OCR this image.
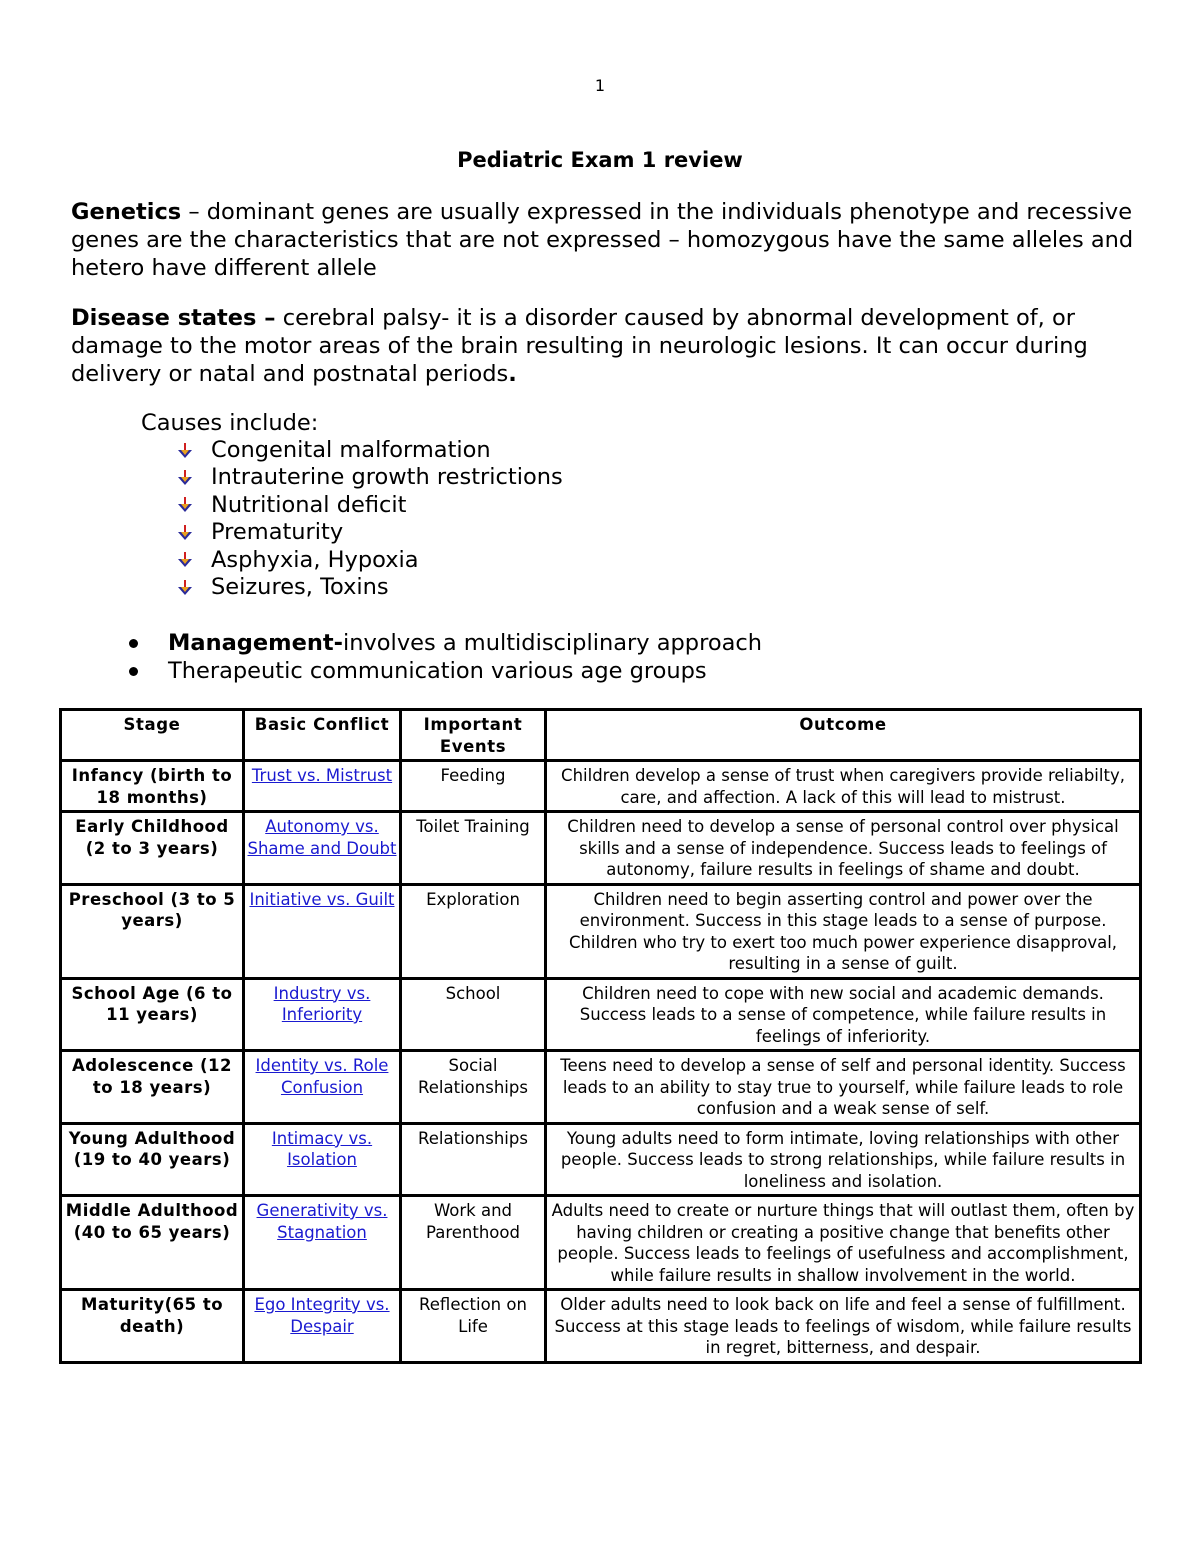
1
Pediatric Exam 1 review
Genetics – dominant genes are usually expressed in the individuals phenotype and recessive genes are the characteristics that are not expressed – homozygous have the same alleles and hetero have different allele
Disease states – cerebral palsy- it is a disorder caused by abnormal development of, or damage to the motor areas of the brain resulting in neurologic lesions. It can occur during delivery or natal and postnatal periods.
Causes include:
Congenital malformation
Intrauterine growth restrictions
Nutritional deficit
Prematurity
Asphyxia, Hypoxia
Seizures, Toxins
Management- involves a multidisciplinary approach
Therapeutic communication various age groups
Stage	Basic Conflict	Important Events	Outcome
Infancy (birth to 18 months)	Trust vs. Mistrust	Feeding	Children develop a sense of trust when caregivers provide reliabilty, care, and affection. A lack of this will lead to mistrust.
Early Childhood (2 to 3 years)	Autonomy vs. Shame and Doubt	Toilet Training	Children need to develop a sense of personal control over physical skills and a sense of independence. Success leads to feelings of autonomy, failure results in feelings of shame and doubt.
Preschool (3 to 5 years)	Initiative vs. Guilt	Exploration	Children need to begin asserting control and power over the environment. Success in this stage leads to a sense of purpose. Children who try to exert too much power experience disapproval, resulting in a sense of guilt.
School Age (6 to 11 years)	Industry vs. Inferiority	School	Children need to cope with new social and academic demands. Success leads to a sense of competence, while failure results in feelings of inferiority.
Adolescence (12 to 18 years)	Identity vs. Role Confusion	Social Relationships	Teens need to develop a sense of self and personal identity. Success leads to an ability to stay true to yourself, while failure leads to role confusion and a weak sense of self.
Young Adulthood (19 to 40 years)	Intimacy vs. Isolation	Relationships	Young adults need to form intimate, loving relationships with other people. Success leads to strong relationships, while failure results in loneliness and isolation.
Middle Adulthood (40 to 65 years)	Generativity vs. Stagnation	Work and Parenthood	Adults need to create or nurture things that will outlast them, often by having children or creating a positive change that benefits other people. Success leads to feelings of usefulness and accomplishment, while failure results in shallow involvement in the world.
Maturity(65 to death)	Ego Integrity vs. Despair	Reflection on Life	Older adults need to look back on life and feel a sense of fulfillment. Success at this stage leads to feelings of wisdom, while failure results in regret, bitterness, and despair.
